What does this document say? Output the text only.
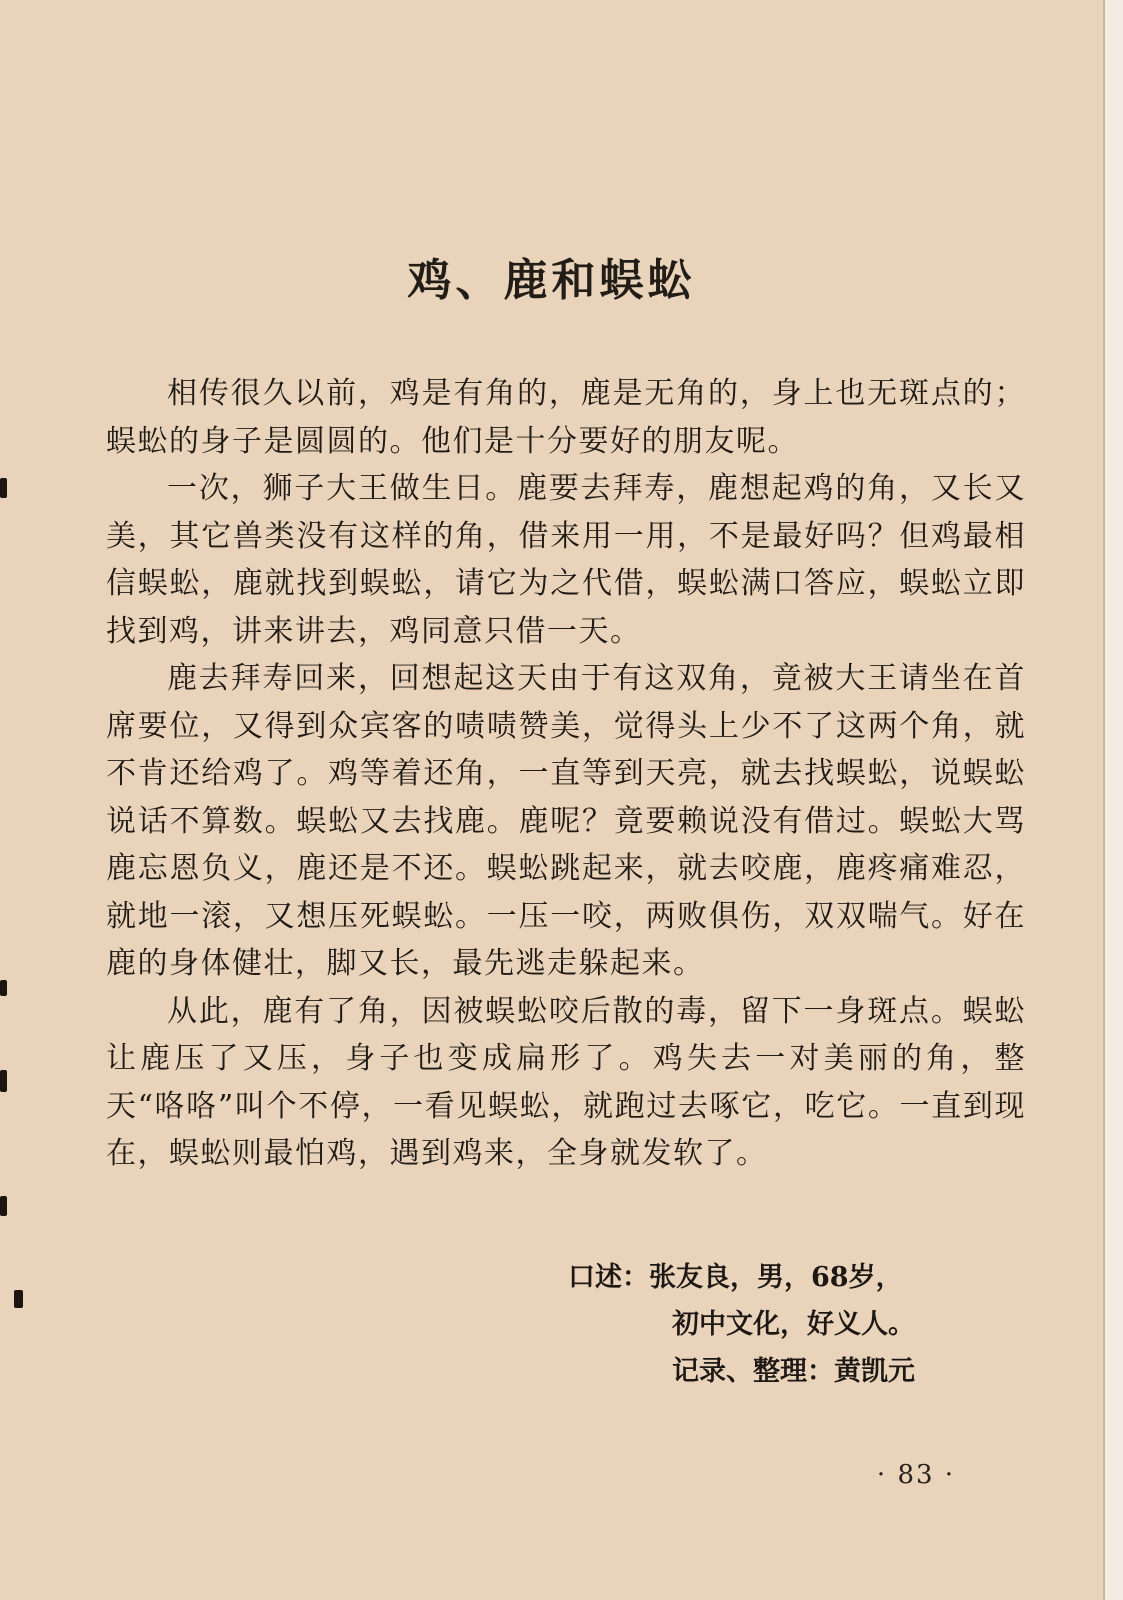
鸡、鹿和蜈蚣

相传很久以前，鸡是有角的，鹿是无角的，身上也无斑点的；蜈蚣的身子是圆圆的。他们是十分要好的朋友呢。

一次，狮子大王做生日。鹿要去拜寿，鹿想起鸡的角，又长又美，其它兽类没有这样的角，借来用一用，不是最好吗？但鸡最相信蜈蚣，鹿就找到蜈蚣，请它为之代借，蜈蚣满口答应，蜈蚣立即找到鸡，讲来讲去，鸡同意只借一天。

鹿去拜寿回来，回想起这天由于有这双角，竟被大王请坐在首席要位，又得到众宾客的啧啧赞美，觉得头上少不了这两个角，就不肯还给鸡了。鸡等着还角，一直等到天亮，就去找蜈蚣，说蜈蚣说话不算数。蜈蚣又去找鹿。鹿呢？竟要赖说没有借过。蜈蚣大骂鹿忘恩负义，鹿还是不还。蜈蚣跳起来，就去咬鹿，鹿疼痛难忍，就地一滚，又想压死蜈蚣。一压一咬，两败俱伤，双双喘气。好在鹿的身体健壮，脚又长，最先逃走躲起来。

从此，鹿有了角，因被蜈蚣咬后散的毒，留下一身斑点。蜈蚣让鹿压了又压，身子也变成扁形了。鸡失去一对美丽的角，整天“咯咯”叫个不停，一看见蜈蚣，就跑过去啄它，吃它。一直到现在，蜈蚣则最怕鸡，遇到鸡来，全身就发软了。

口述：张友良，男，68岁，
初中文化，好义人。
记录、整理：黄凯元
· 83 ·
